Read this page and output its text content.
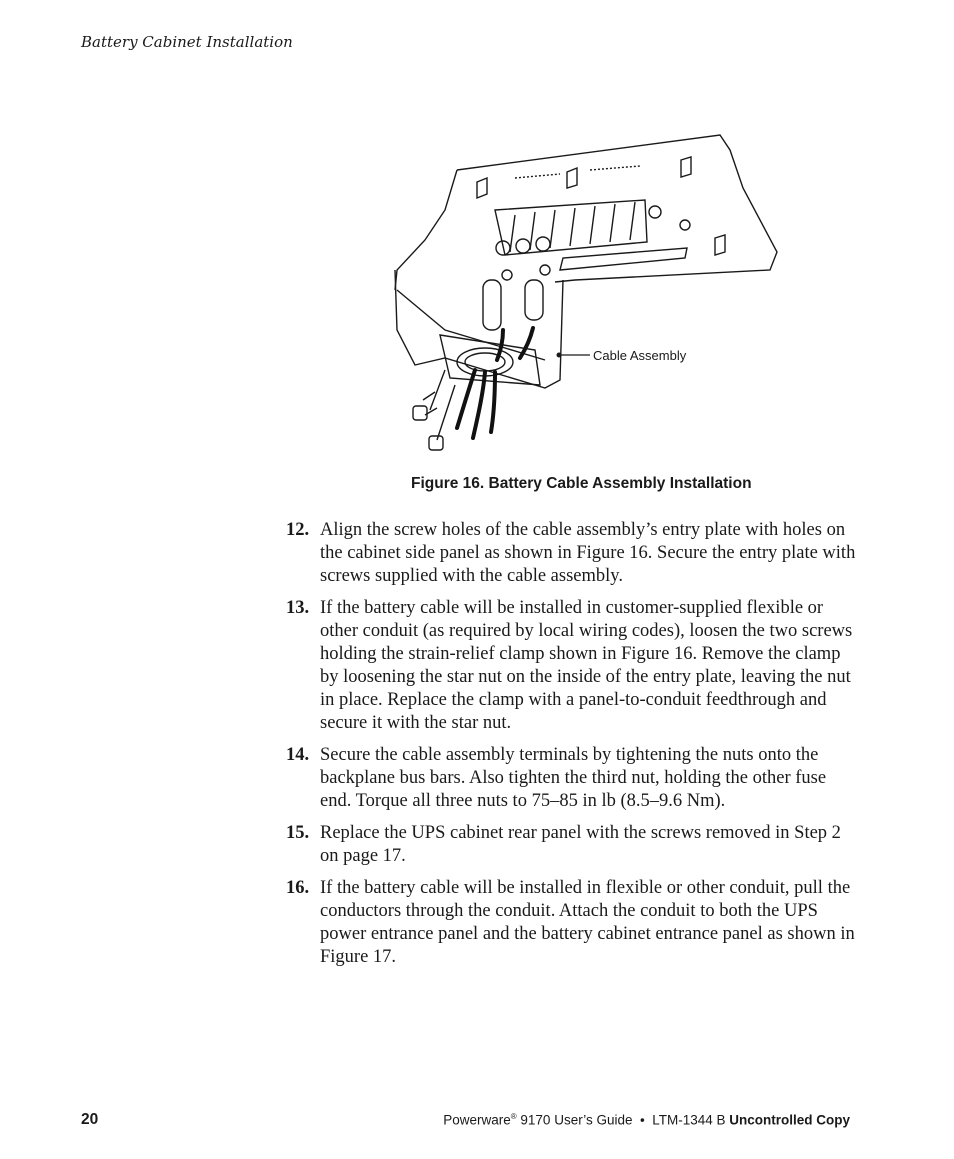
Battery Cabinet Installation
Cable Assembly
Figure 16. Battery Cable Assembly Installation
12. Align the screw holes of the cable assembly’s entry plate with holes on the cabinet side panel as shown in Figure 16. Secure the entry plate with screws supplied with the cable assembly.
13. If the battery cable will be installed in customer-supplied flexible or other conduit (as required by local wiring codes), loosen the two screws holding the strain-relief clamp shown in Figure 16. Remove the clamp by loosening the star nut on the inside of the entry plate, leaving the nut in place. Replace the clamp with a panel-to-conduit feedthrough and secure it with the star nut.
14. Secure the cable assembly terminals by tightening the nuts onto the backplane bus bars. Also tighten the third nut, holding the other fuse end. Torque all three nuts to 75–85 in lb (8.5–9.6 Nm).
15. Replace the UPS cabinet rear panel with the screws removed in Step 2 on page 17.
16. If the battery cable will be installed in flexible or other conduit, pull the conductors through the conduit. Attach the conduit to both the UPS power entrance panel and the battery cabinet entrance panel as shown in Figure 17.
20	Powerware® 9170 User’s Guide  •  LTM-1344 B Uncontrolled Copy
